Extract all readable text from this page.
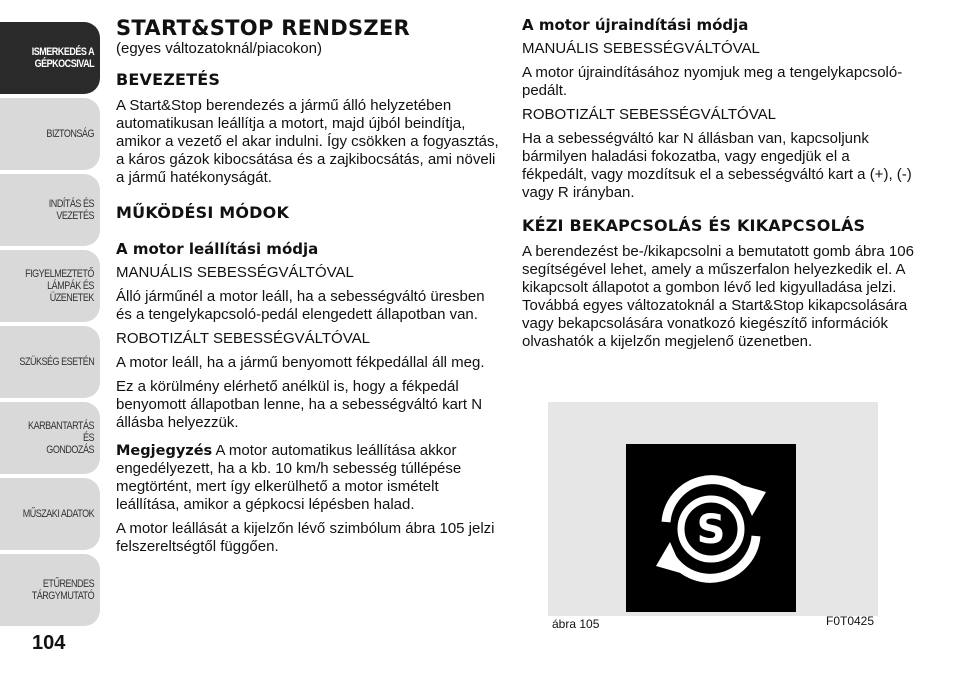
ISMERKEDÉS A
GÉPKOCSIVAL
BIZTONSÁG
INDÍTÁS ÉS VEZETÉS
FIGYELMEZTETŐ
LÁMPÁK ÉS
ÜZENETEK
SZÜKSÉG ESETÉN
KARBANTARTÁS ÉS
GONDOZÁS
MŰSZAKI ADATOK
ETŰRENDES
TÁRGYMUTATÓ
104
START&STOP RENDSZER

(egyes változatoknál/piacokon)

BEVEZETÉS

A Start&Stop berendezés a jármű álló helyzetében automatikusan leállítja a motort, majd újból beindítja, amikor a vezető el akar indulni. Így csökken a fogyasztás, a káros gázok kibocsátása és a zajkibocsátás, ami növeli a jármű hatékonyságát.

MŰKÖDÉSI MÓDOK
A motor leállítási módja

MANUÁLIS SEBESSÉGVÁLTÓVAL

Álló járműnél a motor leáll, ha a sebességváltó üresben és a tengelykapcsoló-pedál elengedett állapotban van.

ROBOTIZÁLT SEBESSÉGVÁLTÓVAL

A motor leáll, ha a jármű benyomott fékpedállal áll meg.

Ez a körülmény elérhető anélkül is, hogy a fékpedál benyomott állapotban lenne, ha a sebességváltó kart N állásba helyezzük.

Megjegyzés A motor automatikus leállítása akkor engedélyezett, ha a kb. 10 km/h sebesség túllépése megtörtént, mert így elkerülhető a motor ismételt leállítása, amikor a gépkocsi lépésben halad.

A motor leállását a kijelzőn lévő szimbólum ábra 105 jelzi felszereltségtől függően.

A motor újraindítási módja

MANUÁLIS SEBESSÉGVÁLTÓVAL

A motor újraindításához nyomjuk meg a tengelykapcsoló-pedált.

ROBOTIZÁLT SEBESSÉGVÁLTÓVAL

Ha a sebességváltó kar N állásban van, kapcsoljunk bármilyen haladási fokozatba, vagy engedjük el a fékpedált, vagy mozdítsuk el a sebességváltó kart a (+), (-) vagy R irányban.

KÉZI BEKAPCSOLÁS ÉS KIKAPCSOLÁS

A berendezést be-/kikapcsolni a bemutatott gomb ábra 106 segítségével lehet, amely a műszerfalon helyezkedik el. A kikapcsolt állapotot a gombon lévő led kigyulladása jelzi. Továbbá egyes változatoknál a Start&Stop kikapcsolására vagy bekapcsolására vonatkozó kiegészítő információk olvashatók a kijelzőn megjelenő üzenetben.

S
ábra 105	F0T0425
